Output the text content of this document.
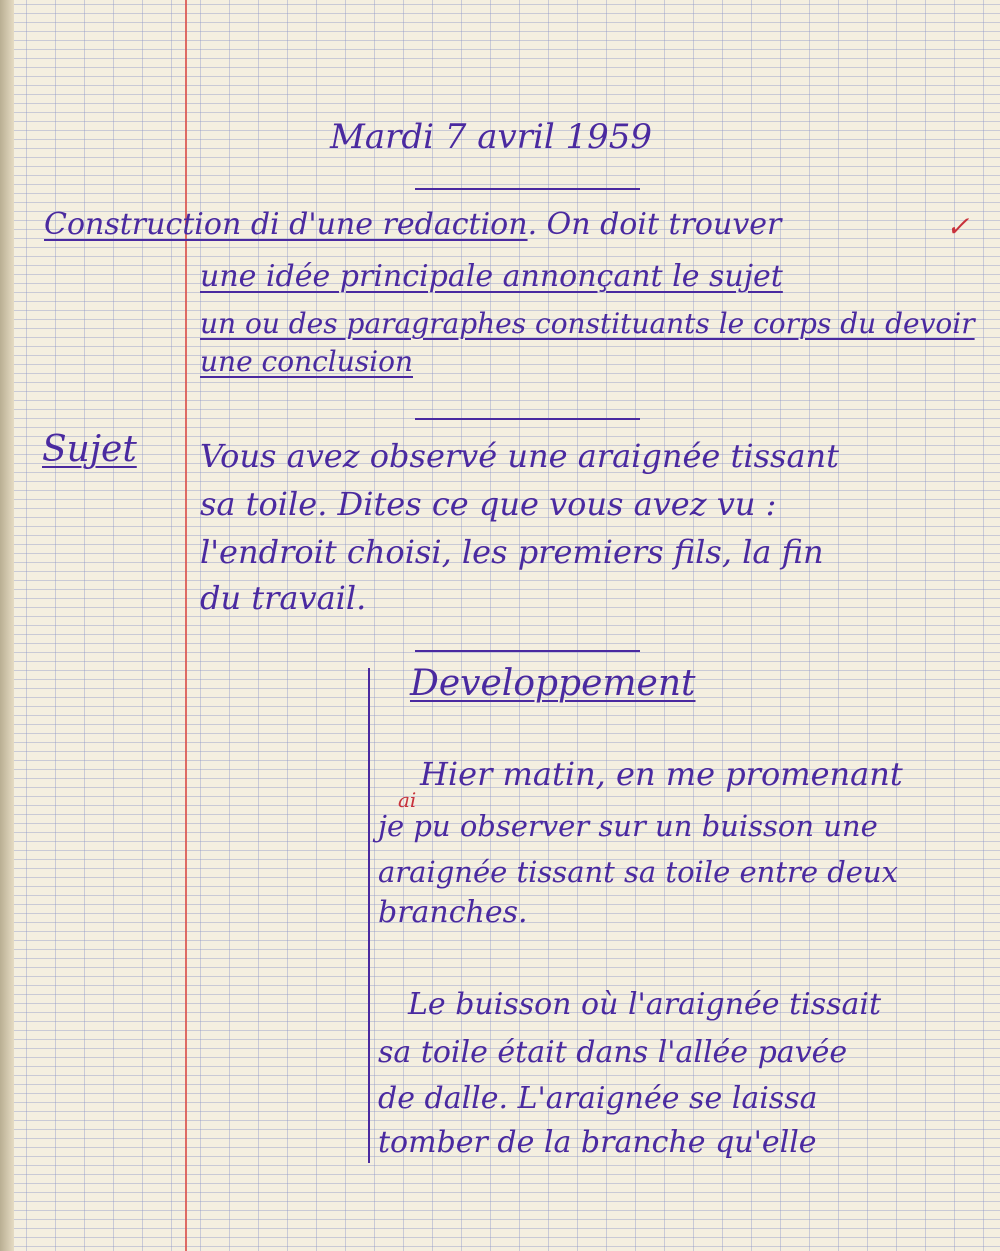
Mardi 7 avril 1959
Construction di d'une redaction. On doit trouver	✓
une idée principale annonçant le sujet
un ou des paragraphes constituants le corps du devoir
une conclusion
Sujet Vous avez observé une araignée tissant
sa toile. Dites ce que vous avez vu :
l'endroit choisi, les premiers fils, la fin
du travail.
Developpement
Hier matin, en me promenant
ai
je pu observer sur un buisson une
araignée tissant sa toile entre deux
branches.
Le buisson où l'araignée tissait
sa toile était dans l'allée pavée
de dalle. L'araignée se laissa
tomber de la branche qu'elle
